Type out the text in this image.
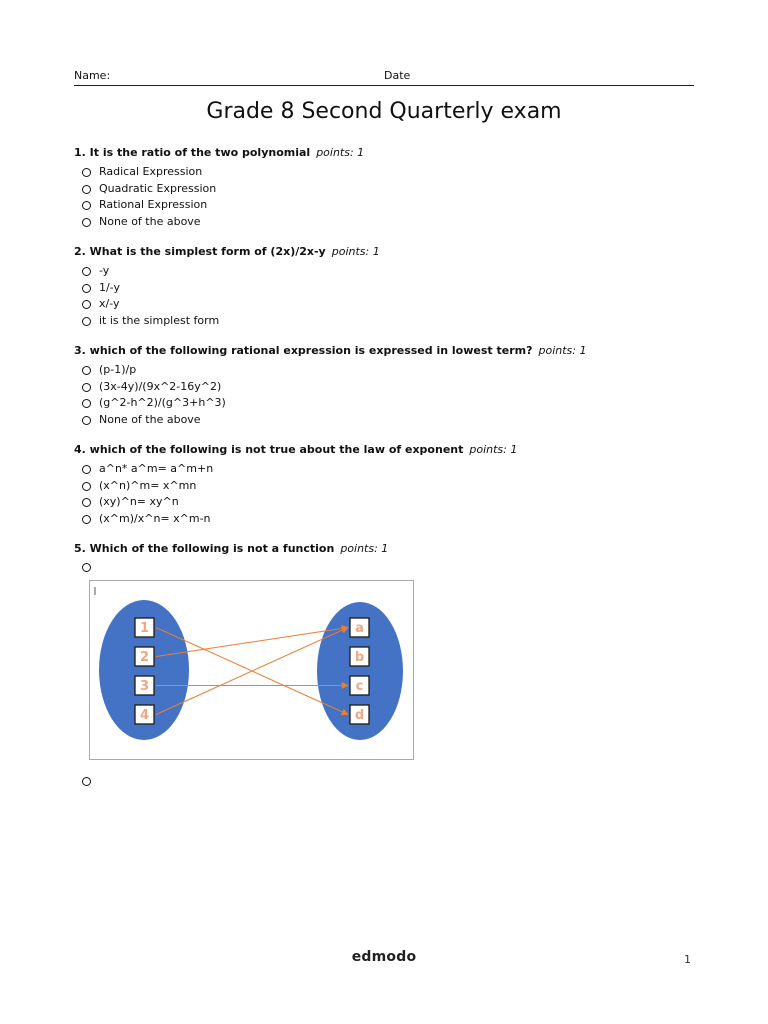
Name:	Date
Grade 8 Second Quarterly exam
1. It is the ratio of the two polynomial points: 1
Radical Expression
Quadratic Expression
Rational Expression
None of the above
2. What is the simplest form of (2x)/2x-y points: 1
-y
1/-y
x/-y
it is the simplest form
3. which of the following rational expression is expressed in lowest term? points: 1
(p-1)/p
(3x-4y)/(9x^2-16y^2)
(g^2-h^2)/(g^3+h^3)
None of the above
4. which of the following is not true about the law of exponent points: 1
a^n* a^m= a^m+n
(x^n)^m= x^mn
(xy)^n= xy^n
(x^m)/x^n= x^m-n
5. Which of the following is not a function points: 1
1
2
3
4
a
b
c
d
edmodo	1
